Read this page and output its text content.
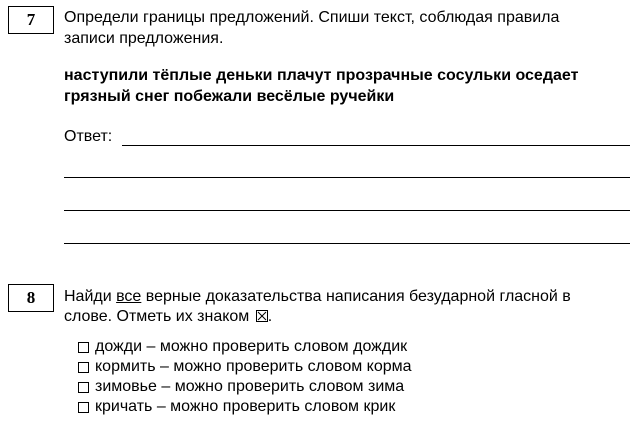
7 Определи границы предложений. Спиши текст, соблюдая правила
записи предложения.
наступили тёплые деньки плачут прозрачные сосульки оседает
грязный снег побежали весёлые ручейки
Ответ:
8 Найди все верные доказательства написания безударной гласной в
слове. Отметь их знаком .
дожди – можно проверить словом дождик
кормить – можно проверить словом корма
зимовье – можно проверить словом зима
кричать – можно проверить словом крик
